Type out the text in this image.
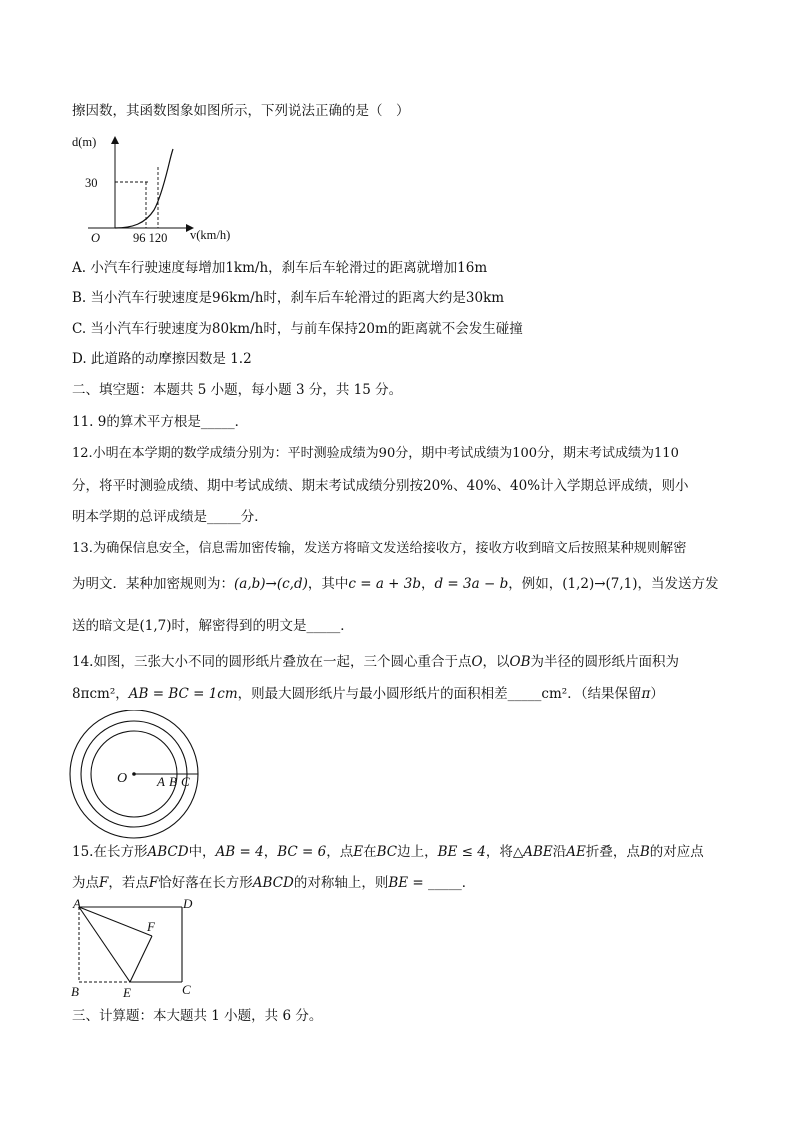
擦因数，其函数图象如图所示，下列说法正确的是（　）
d(m)
30
O	96 120 v(km/h)
A. 小汽车行驶速度每增加1km/h，刹车后车轮滑过的距离就增加16m
B. 当小汽车行驶速度是96km/h时，刹车后车轮滑过的距离大约是30km
C. 当小汽车行驶速度为80km/h时，与前车保持20m的距离就不会发生碰撞
D. 此道路的动摩擦因数是 1.2
二、填空题：本题共 5 小题，每小题 3 分，共 15 分。
11. 9的算术平方根是_____．
12.小明在本学期的数学成绩分别为：平时测验成绩为90分，期中考试成绩为100分，期末考试成绩为110
分，将平时测验成绩、期中考试成绩、期末考试成绩分别按20%、40%、40%计入学期总评成绩，则小
明本学期的总评成绩是_____分．
13.为确保信息安全，信息需加密传输，发送方将暗文发送给接收方，接收方收到暗文后按照某种规则解密
为明文．某种加密规则为：(a,b)→(c,d)，其中c = a + 3b，d = 3a − b，例如，(1,2)→(7,1)，当发送方发
送的暗文是(1,7)时，解密得到的明文是_____．
14.如图，三张大小不同的圆形纸片叠放在一起，三个圆心重合于点O，以OB为半径的圆形纸片面积为
8πcm²，AB = BC = 1cm，则最大圆形纸片与最小圆形纸片的面积相差_____cm²．（结果保留π）
O A B C
15.在长方形ABCD中，AB = 4，BC = 6，点E在BC边上，BE ≤ 4，将△ABE沿AE折叠，点B的对应点
为点F，若点F恰好落在长方形ABCD的对称轴上，则BE = _____．
A	D
F
B	E	C
三、计算题：本大题共 1 小题，共 6 分。
